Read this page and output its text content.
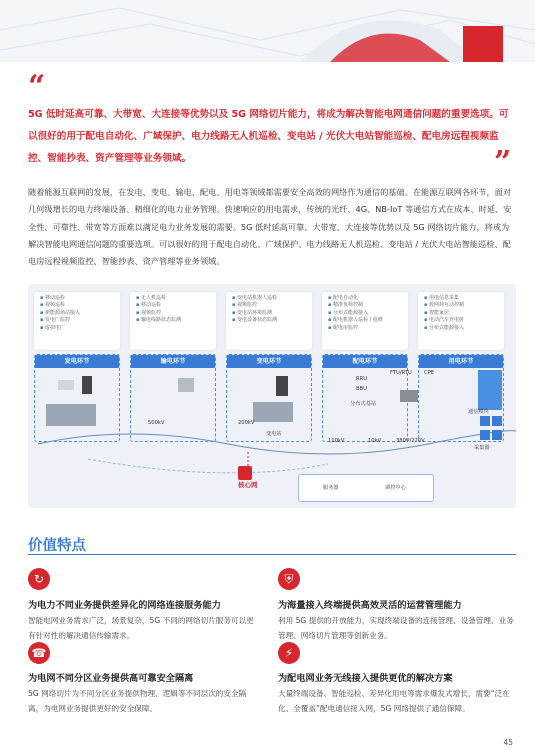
“
5G 低时延高可靠、大带宽、大连接等优势以及 5G 网络切片能力，将成为解决智能电网通信问题的重要选项。可以很好的用于配电自动化、广域保护、电力线路无人机巡检、变电站 / 光伏大电站智能巡检、配电房远程视频监控、智能抄表、资产管理等业务领域。	”
随着能源互联网的发展，在发电、变电、输电、配电、用电等领域都需要安全高效的网络作为通信的基础。在能源互联网各环节，面对几何级增长的电力终端设备、精细化的电力业务管理、快速响应的用电需求，传统的光纤、4G、NB-IoT 等通信方式在成本、时延、安全性、可靠性、带宽等方面难以满足电力业务发展的需要。5G 低时延高可靠、大带宽、大连接等优势以及 5G 网络切片能力，将成为解决智能电网通信问题的重要选项。可以很好的用于配电自动化、广域保护、电力线路无人机巡检、变电站 / 光伏大电站智能巡检、配电房远程视频监控、智能抄表、资产管理等业务领域。
▪ 移动巡检
▪ 视频巡检
▪ 新能源场站接入
▪ 发电厂监控
▪ 虚拟电厂
▪ 无人机巡检
▪ 移动巡检
▪ 视频监控
▪ 输电线路状态监测
▪ 变电站机器人巡检
▪ 视频监控
▪ 变电站环境监测
▪ 变电设备状态监测
▪ 配电自动化
▪ 精准负荷控制
▪ 分布式能源接入
▪ 配电机器人巡检 / 抢修
▪ 配电房监控
▪ 用电信息采集
▪ 源网荷互动控制
▪ 智能家居
▪ 电动汽车充电桩
▪ 分布式能源接入
发电环节	输电环节	变电环节	配电环节	用电环节
500kV	200kV
变电站
RRU
BBU
FTU/RTU CPE
分布式基站
110kV	10kV	380V/220V
通信模块
采集器
核心网	服务器	调控中心
价值特点
↻
为电力不同业务提供差异化的网络连接服务能力
智能电网业务需求广泛，场景复杂，5G 不同的网络切片服务可以更有针对性的解决通信传输需求。
⛨
为海量接入终端提供高效灵活的运营管理能力
利用 5G 提供的开放能力，实现终端设备的连接管理、设备管理、业务管理、网络切片管理等创新业务。
☎
为电网不同分区业务提供高可靠安全隔离
5G 网络切片为不同分区业务提供物理、逻辑等不同层次的安全隔离，为电网业务提供更好的安全保障。
⚡
为配电网业务无线接入提供更优的解决方案
大量终端设备、智能巡检、差异化用电等需求爆发式增长，需要“泛在化、全覆盖”配电通信接入网，5G 网络提供了通信保障。
45
